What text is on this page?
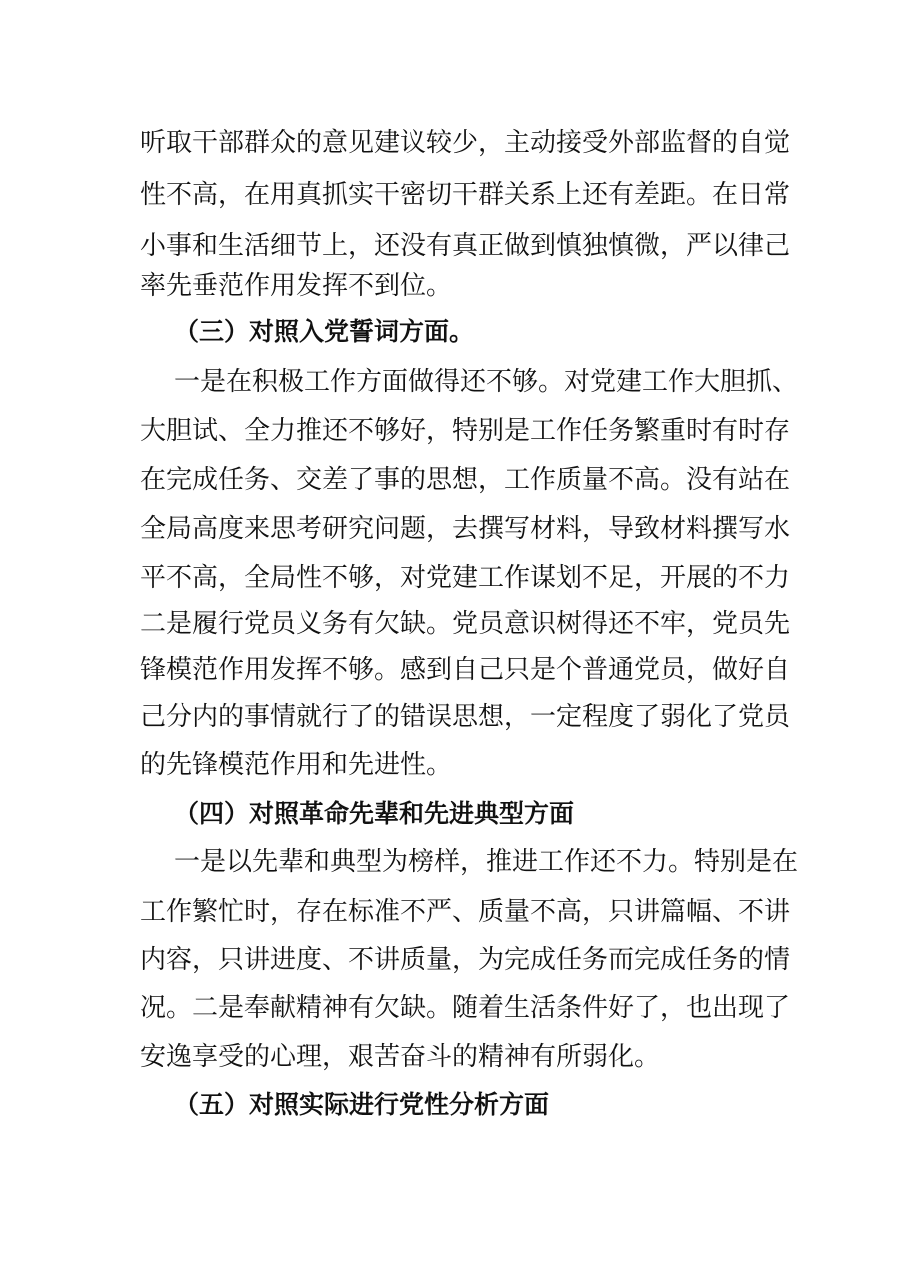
听取干部群众的意见建议较少，主动接受外部监督的自觉
性不高，在用真抓实干密切干群关系上还有差距。在日常
小事和生活细节上，还没有真正做到慎独慎微，严以律己
率先垂范作用发挥不到位。
（三）对照入党誓词方面。
一是在积极工作方面做得还不够。对党建工作大胆抓、
大胆试、全力推还不够好，特别是工作任务繁重时有时存
在完成任务、交差了事的思想，工作质量不高。没有站在
全局高度来思考研究问题，去撰写材料，导致材料撰写水
平不高，全局性不够，对党建工作谋划不足，开展的不力
二是履行党员义务有欠缺。党员意识树得还不牢，党员先
锋模范作用发挥不够。感到自己只是个普通党员，做好自
己分内的事情就行了的错误思想，一定程度了弱化了党员
的先锋模范作用和先进性。
（四）对照革命先辈和先进典型方面
一是以先辈和典型为榜样，推进工作还不力。特别是在
工作繁忙时，存在标准不严、质量不高，只讲篇幅、不讲
内容，只讲进度、不讲质量，为完成任务而完成任务的情
况。二是奉献精神有欠缺。随着生活条件好了，也出现了
安逸享受的心理，艰苦奋斗的精神有所弱化。
（五）对照实际进行党性分析方面
